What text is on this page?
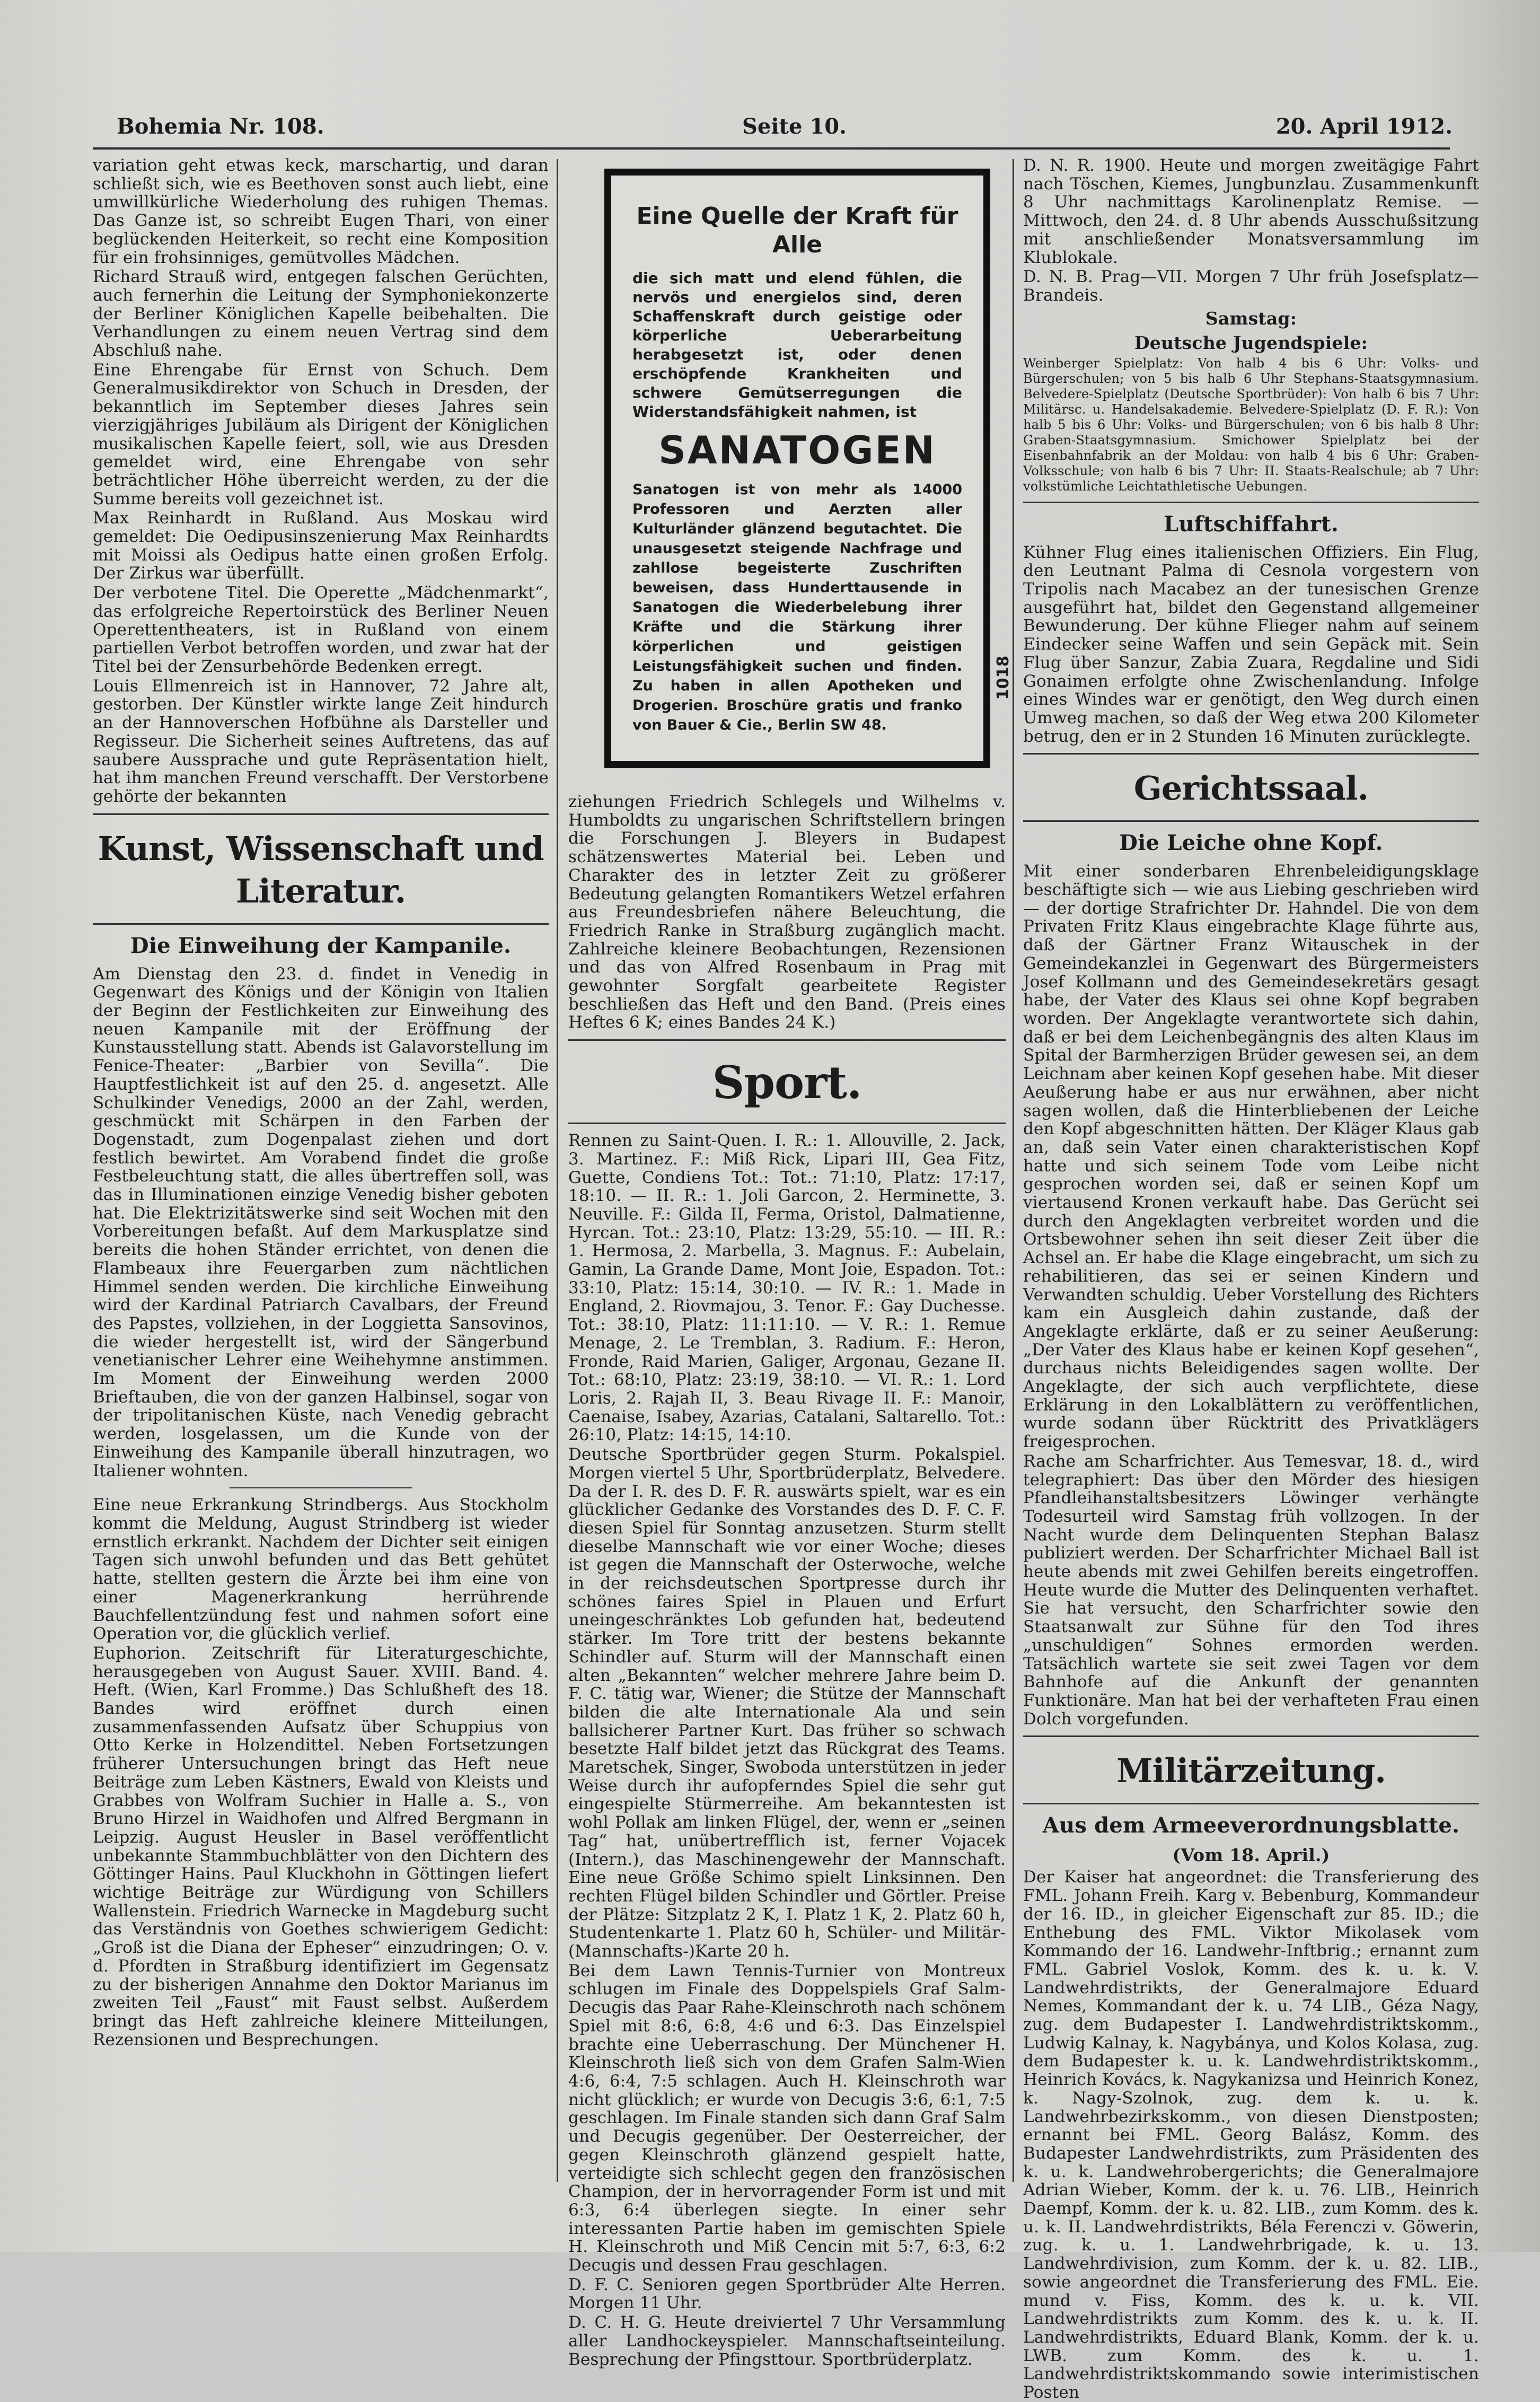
Bohemia Nr. 108.	Seite 10.	20. April 1912.

variation geht etwas keck, marschartig, und daran schließt sich, wie es Beethoven sonst auch liebt, eine umwillkürliche Wiederholung des ruhigen Themas. Das Ganze ist, so schreibt Eugen Thari, von einer beglückenden Heiterkeit, so recht eine Komposition für ein frohsinniges, gemütvolles Mädchen.

Richard Strauß wird, entgegen falschen Gerüchten, auch fernerhin die Leitung der Symphoniekonzerte der Berliner Königlichen Kapelle beibehalten. Die Verhandlungen zu einem neuen Vertrag sind dem Abschluß nahe.

Eine Ehrengabe für Ernst von Schuch. Dem Generalmusikdirektor von Schuch in Dresden, der bekanntlich im September dieses Jahres sein vierzigjähriges Jubiläum als Dirigent der Königlichen musikalischen Kapelle feiert, soll, wie aus Dresden gemeldet wird, eine Ehrengabe von sehr beträchtlicher Höhe überreicht werden, zu der die Summe bereits voll gezeichnet ist.

Max Reinhardt in Rußland. Aus Moskau wird gemeldet: Die Oedipusinszenierung Max Reinhardts mit Moissi als Oedipus hatte einen großen Erfolg. Der Zirkus war überfüllt.

Der verbotene Titel. Die Operette „Mädchenmarkt“, das erfolgreiche Repertoirstück des Berliner Neuen Operettentheaters, ist in Rußland von einem partiellen Verbot betroffen worden, und zwar hat der Titel bei der Zensurbehörde Bedenken erregt.

Louis Ellmenreich ist in Hannover, 72 Jahre alt, gestorben. Der Künstler wirkte lange Zeit hindurch an der Hannoverschen Hofbühne als Darsteller und Regisseur. Die Sicherheit seines Auftretens, das auf saubere Aussprache und gute Repräsentation hielt, hat ihm manchen Freund verschafft. Der Verstorbene gehörte der bekannten

Kunst, Wissenschaft und Literatur.
Die Einweihung der Kampanile.

Am Dienstag den 23. d. findet in Venedig in Gegenwart des Königs und der Königin von Italien der Beginn der Festlichkeiten zur Einweihung des neuen Kampanile mit der Eröffnung der Kunstausstellung statt. Abends ist Galavorstellung im Fenice-Theater: „Barbier von Sevilla“. Die Hauptfestlichkeit ist auf den 25. d. angesetzt. Alle Schulkinder Venedigs, 2000 an der Zahl, werden, geschmückt mit Schärpen in den Farben der Dogenstadt, zum Dogenpalast ziehen und dort festlich bewirtet. Am Vorabend findet die große Festbeleuchtung statt, die alles übertreffen soll, was das in Illuminationen einzige Venedig bisher geboten hat. Die Elektrizitätswerke sind seit Wochen mit den Vorbereitungen befaßt. Auf dem Markusplatze sind bereits die hohen Ständer errichtet, von denen die Flambeaux ihre Feuergarben zum nächtlichen Himmel senden werden. Die kirchliche Einweihung wird der Kardinal Patriarch Cavalbars, der Freund des Papstes, vollziehen, in der Loggietta Sansovinos, die wieder hergestellt ist, wird der Sängerbund venetianischer Lehrer eine Weihehymne anstimmen. Im Moment der Einweihung werden 2000 Brieftauben, die von der ganzen Halbinsel, sogar von der tripolitanischen Küste, nach Venedig gebracht werden, losgelassen, um die Kunde von der Einweihung des Kampanile überall hinzutragen, wo Italiener wohnten.

Eine neue Erkrankung Strindbergs. Aus Stockholm kommt die Meldung, August Strindberg ist wieder ernstlich erkrankt. Nachdem der Dichter seit einigen Tagen sich unwohl befunden und das Bett gehütet hatte, stellten gestern die Ärzte bei ihm eine von einer Magenerkrankung herrührende Bauchfellentzündung fest und nahmen sofort eine Operation vor, die glücklich verlief.

Euphorion. Zeitschrift für Literaturgeschichte, herausgegeben von August Sauer. XVIII. Band. 4. Heft. (Wien, Karl Fromme.) Das Schlußheft des 18. Bandes wird eröffnet durch einen zusammenfassenden Aufsatz über Schuppius von Otto Kerke in Holzendittel. Neben Fortsetzungen früherer Untersuchungen bringt das Heft neue Beiträge zum Leben Kästners, Ewald von Kleists und Grabbes von Wolfram Suchier in Halle a. S., von Bruno Hirzel in Waidhofen und Alfred Bergmann in Leipzig. August Heusler in Basel veröffentlicht unbekannte Stammbuchblätter von den Dichtern des Göttinger Hains. Paul Kluckhohn in Göttingen liefert wichtige Beiträge zur Würdigung von Schillers Wallenstein. Friedrich Warnecke in Magdeburg sucht das Verständnis von Goethes schwierigem Gedicht: „Groß ist die Diana der Epheser“ einzudringen; O. v. d. Pfordten in Straßburg identifiziert im Gegensatz zu der bisherigen Annahme den Doktor Marianus im zweiten Teil „Faust“ mit Faust selbst. Außerdem bringt das Heft zahlreiche kleinere Mitteilungen, Rezensionen und Besprechungen.

Eine Quelle der Kraft für Alle
die sich matt und elend fühlen, die nervös und energielos sind, deren Schaffenskraft durch geistige oder körperliche Ueberarbeitung herabgesetzt ist, oder denen erschöpfende Krankheiten und schwere Gemütserregungen die Widerstandsfähigkeit nahmen, ist
SANATOGEN
Sanatogen ist von mehr als 14000 Professoren und Aerzten aller Kulturländer glänzend begutachtet. Die unausgesetzt steigende Nachfrage und zahllose begeisterte Zuschriften beweisen, dass Hunderttausende in Sanatogen die Wiederbelebung ihrer Kräfte und die Stärkung ihrer körperlichen und geistigen Leistungsfähigkeit suchen und finden. Zu haben in allen Apotheken und Drogerien. Broschüre gratis und franko von Bauer & Cie., Berlin SW 48.
1018

ziehungen Friedrich Schlegels und Wilhelms v. Humboldts zu ungarischen Schriftstellern bringen die Forschungen J. Bleyers in Budapest schätzenswertes Material bei. Leben und Charakter des in letzter Zeit zu größerer Bedeutung gelangten Romantikers Wetzel erfahren aus Freundesbriefen nähere Beleuchtung, die Friedrich Ranke in Straßburg zugänglich macht. Zahlreiche kleinere Beobachtungen, Rezensionen und das von Alfred Rosenbaum in Prag mit gewohnter Sorgfalt gearbeitete Register beschließen das Heft und den Band. (Preis eines Heftes 6 K; eines Bandes 24 K.)

Sport.

Rennen zu Saint-Quen. I. R.: 1. Allouville, 2. Jack, 3. Martinez. F.: Miß Rick, Lipari III, Gea Fitz, Guette, Condiens Tot.: Tot.: 71:10, Platz: 17:17, 18:10. — II. R.: 1. Joli Garcon, 2. Herminette, 3. Neuville. F.: Gilda II, Ferma, Oristol, Dalmatienne, Hyrcan. Tot.: 23:10, Platz: 13:29, 55:10. — III. R.: 1. Hermosa, 2. Marbella, 3. Magnus. F.: Aubelain, Gamin, La Grande Dame, Mont Joie, Espadon. Tot.: 33:10, Platz: 15:14, 30:10. — IV. R.: 1. Made in England, 2. Riovmajou, 3. Tenor. F.: Gay Duchesse. Tot.: 38:10, Platz: 11:11:10. — V. R.: 1. Remue Menage, 2. Le Tremblan, 3. Radium. F.: Heron, Fronde, Raid Marien, Galiger, Argonau, Gezane II. Tot.: 68:10, Platz: 23:19, 38:10. — VI. R.: 1. Lord Loris, 2. Rajah II, 3. Beau Rivage II. F.: Manoir, Caenaise, Isabey, Azarias, Catalani, Saltarello. Tot.: 26:10, Platz: 14:15, 14:10.

Deutsche Sportbrüder gegen Sturm. Pokalspiel. Morgen viertel 5 Uhr, Sportbrüderplatz, Belvedere. Da der I. R. des D. F. R. auswärts spielt, war es ein glücklicher Gedanke des Vorstandes des D. F. C. F. diesen Spiel für Sonntag anzusetzen. Sturm stellt dieselbe Mannschaft wie vor einer Woche; dieses ist gegen die Mannschaft der Osterwoche, welche in der reichsdeutschen Sportpresse durch ihr schönes faires Spiel in Plauen und Erfurt uneingeschränktes Lob gefunden hat, bedeutend stärker. Im Tore tritt der bestens bekannte Schindler auf. Sturm will der Mannschaft einen alten „Bekannten“ welcher mehrere Jahre beim D. F. C. tätig war, Wiener; die Stütze der Mannschaft bilden die alte Internationale Ala und sein ballsicherer Partner Kurt. Das früher so schwach besetzte Half bildet jetzt das Rückgrat des Teams. Maretschek, Singer, Swoboda unterstützen in jeder Weise durch ihr aufopferndes Spiel die sehr gut eingespielte Stürmerreihe. Am bekanntesten ist wohl Pollak am linken Flügel, der, wenn er „seinen Tag“ hat, unübertrefflich ist, ferner Vojacek (Intern.), das Maschinengewehr der Mannschaft. Eine neue Größe Schimo spielt Linksinnen. Den rechten Flügel bilden Schindler und Görtler. Preise der Plätze: Sitzplatz 2 K, I. Platz 1 K, 2. Platz 60 h, Studentenkarte 1. Platz 60 h, Schüler- und Militär- (Mannschafts-)Karte 20 h.

Bei dem Lawn Tennis-Turnier von Montreux schlugen im Finale des Doppelspiels Graf Salm-Decugis das Paar Rahe-Kleinschroth nach schönem Spiel mit 8:6, 6:8, 4:6 und 6:3. Das Einzelspiel brachte eine Ueberraschung. Der Münchener H. Kleinschroth ließ sich von dem Grafen Salm-Wien 4:6, 6:4, 7:5 schlagen. Auch H. Kleinschroth war nicht glücklich; er wurde von Decugis 3:6, 6:1, 7:5 geschlagen. Im Finale standen sich dann Graf Salm und Decugis gegenüber. Der Oesterreicher, der gegen Kleinschroth glänzend gespielt hatte, verteidigte sich schlecht gegen den französischen Champion, der in hervorragender Form ist und mit 6:3, 6:4 überlegen siegte. In einer sehr interessanten Partie haben im gemischten Spiele H. Kleinschroth und Miß Cencin mit 5:7, 6:3, 6:2 Decugis und dessen Frau geschlagen.

D. F. C. Senioren gegen Sportbrüder Alte Herren. Morgen 11 Uhr.

D. C. H. G. Heute dreiviertel 7 Uhr Versammlung aller Landhockeyspieler. Mannschaftseinteilung. Besprechung der Pfingsttour. Sportbrüderplatz.

D. N. R. 1900. Heute und morgen zweitägige Fahrt nach Töschen, Kiemes, Jungbunzlau. Zusammenkunft 8 Uhr nachmittags Karolinenplatz Remise. — Mittwoch, den 24. d. 8 Uhr abends Ausschußsitzung mit anschließender Monatsversammlung im Klublokale.

D. N. B. Prag—VII. Morgen 7 Uhr früh Josefsplatz—Brandeis.

Samstag:
Deutsche Jugendspiele:

Weinberger Spielplatz: Von halb 4 bis 6 Uhr: Volks- und Bürgerschulen; von 5 bis halb 6 Uhr Stephans-Staatsgymnasium. Belvedere-Spielplatz (Deutsche Sportbrüder): Von halb 6 bis 7 Uhr: Militärsc. u. Handelsakademie. Belvedere-Spielplatz (D. F. R.): Von halb 5 bis 6 Uhr: Volks- und Bürgerschulen; von 6 bis halb 8 Uhr: Graben-Staatsgymnasium. Smichower Spielplatz bei der Eisenbahnfabrik an der Moldau: von halb 4 bis 6 Uhr: Graben-Volksschule; von halb 6 bis 7 Uhr: II. Staats-Realschule; ab 7 Uhr: volkstümliche Leichtathletische Uebungen.

Luftschiffahrt.

Kühner Flug eines italienischen Offiziers. Ein Flug, den Leutnant Palma di Cesnola vorgestern von Tripolis nach Macabez an der tunesischen Grenze ausgeführt hat, bildet den Gegenstand allgemeiner Bewunderung. Der kühne Flieger nahm auf seinem Eindecker seine Waffen und sein Gepäck mit. Sein Flug über Sanzur, Zabia Zuara, Regdaline und Sidi Gonaimen erfolgte ohne Zwischenlandung. Infolge eines Windes war er genötigt, den Weg durch einen Umweg machen, so daß der Weg etwa 200 Kilometer betrug, den er in 2 Stunden 16 Minuten zurücklegte.

Gerichtssaal.
Die Leiche ohne Kopf.

Mit einer sonderbaren Ehrenbeleidigungsklage beschäftigte sich — wie aus Liebing geschrieben wird — der dortige Strafrichter Dr. Hahndel. Die von dem Privaten Fritz Klaus eingebrachte Klage führte aus, daß der Gärtner Franz Witauschek in der Gemeindekanzlei in Gegenwart des Bürgermeisters Josef Kollmann und des Gemeindesekretärs gesagt habe, der Vater des Klaus sei ohne Kopf begraben worden. Der Angeklagte verantwortete sich dahin, daß er bei dem Leichenbegängnis des alten Klaus im Spital der Barmherzigen Brüder gewesen sei, an dem Leichnam aber keinen Kopf gesehen habe. Mit dieser Aeußerung habe er aus nur erwähnen, aber nicht sagen wollen, daß die Hinterbliebenen der Leiche den Kopf abgeschnitten hätten. Der Kläger Klaus gab an, daß sein Vater einen charakteristischen Kopf hatte und sich seinem Tode vom Leibe nicht gesprochen worden sei, daß er seinen Kopf um viertausend Kronen verkauft habe. Das Gerücht sei durch den Angeklagten verbreitet worden und die Ortsbewohner sehen ihn seit dieser Zeit über die Achsel an. Er habe die Klage eingebracht, um sich zu rehabilitieren, das sei er seinen Kindern und Verwandten schuldig. Ueber Vorstellung des Richters kam ein Ausgleich dahin zustande, daß der Angeklagte erklärte, daß er zu seiner Aeußerung: „Der Vater des Klaus habe er keinen Kopf gesehen“, durchaus nichts Beleidigendes sagen wollte. Der Angeklagte, der sich auch verpflichtete, diese Erklärung in den Lokalblättern zu veröffentlichen, wurde sodann über Rücktritt des Privatklägers freigesprochen.

Rache am Scharfrichter. Aus Temesvar, 18. d., wird telegraphiert: Das über den Mörder des hiesigen Pfandleihanstaltsbesitzers Löwinger verhängte Todesurteil wird Samstag früh vollzogen. In der Nacht wurde dem Delinquenten Stephan Balasz publiziert werden. Der Scharfrichter Michael Ball ist heute abends mit zwei Gehilfen bereits eingetroffen. Heute wurde die Mutter des Delinquenten verhaftet. Sie hat versucht, den Scharfrichter sowie den Staatsanwalt zur Sühne für den Tod ihres „unschuldigen“ Sohnes ermorden werden. Tatsächlich wartete sie seit zwei Tagen vor dem Bahnhofe auf die Ankunft der genannten Funktionäre. Man hat bei der verhafteten Frau einen Dolch vorgefunden.

Militärzeitung.
Aus dem Armeeverordnungsblatte.
(Vom 18. April.)

Der Kaiser hat angeordnet: die Transferierung des FML. Johann Freih. Karg v. Bebenburg, Kommandeur der 16. ID., in gleicher Eigenschaft zur 85. ID.; die Enthebung des FML. Viktor Mikolasek vom Kommando der 16. Landwehr-Inftbrig.; ernannt zum FML. Gabriel Voslok, Komm. des k. u. k. V. Landwehrdistrikts, der Generalmajore Eduard Nemes, Kommandant der k. u. 74 LIB., Géza Nagy, zug. dem Budapester I. Landwehrdistriktskomm., Ludwig Kalnay, k. Nagybánya, und Kolos Kolasa, zug. dem Budapester k. u. k. Landwehrdistriktskomm., Heinrich Kovács, k. Nagykanizsa und Heinrich Konez, k. Nagy-Szolnok, zug. dem k. u. k. Landwehrbezirkskomm., von diesen Dienstposten; ernannt bei FML. Georg Balász, Komm. des Budapester Landwehrdistrikts, zum Präsidenten des k. u. k. Landwehrobergerichts; die Generalmajore Adrian Wieber, Komm. der k. u. 76. LIB., Heinrich Daempf, Komm. der k. u. 82. LIB., zum Komm. des k. u. k. II. Landwehrdistrikts, Béla Ferenczi v. Göwerin, zug. k. u. 1. Landwehrbrigade, k. u. 13. Landwehrdivision, zum Komm. der k. u. 82. LIB., sowie angeordnet die Transferierung des FML. Eie. mund v. Fiss, Komm. des k. u. k. VII. Landwehrdistrikts zum Komm. des k. u. k. II. Landwehrdistrikts, Eduard Blank, Komm. der k. u. LWB. zum Komm. des k. u. 1. Landwehrdistriktskommando sowie interimistischen Posten
